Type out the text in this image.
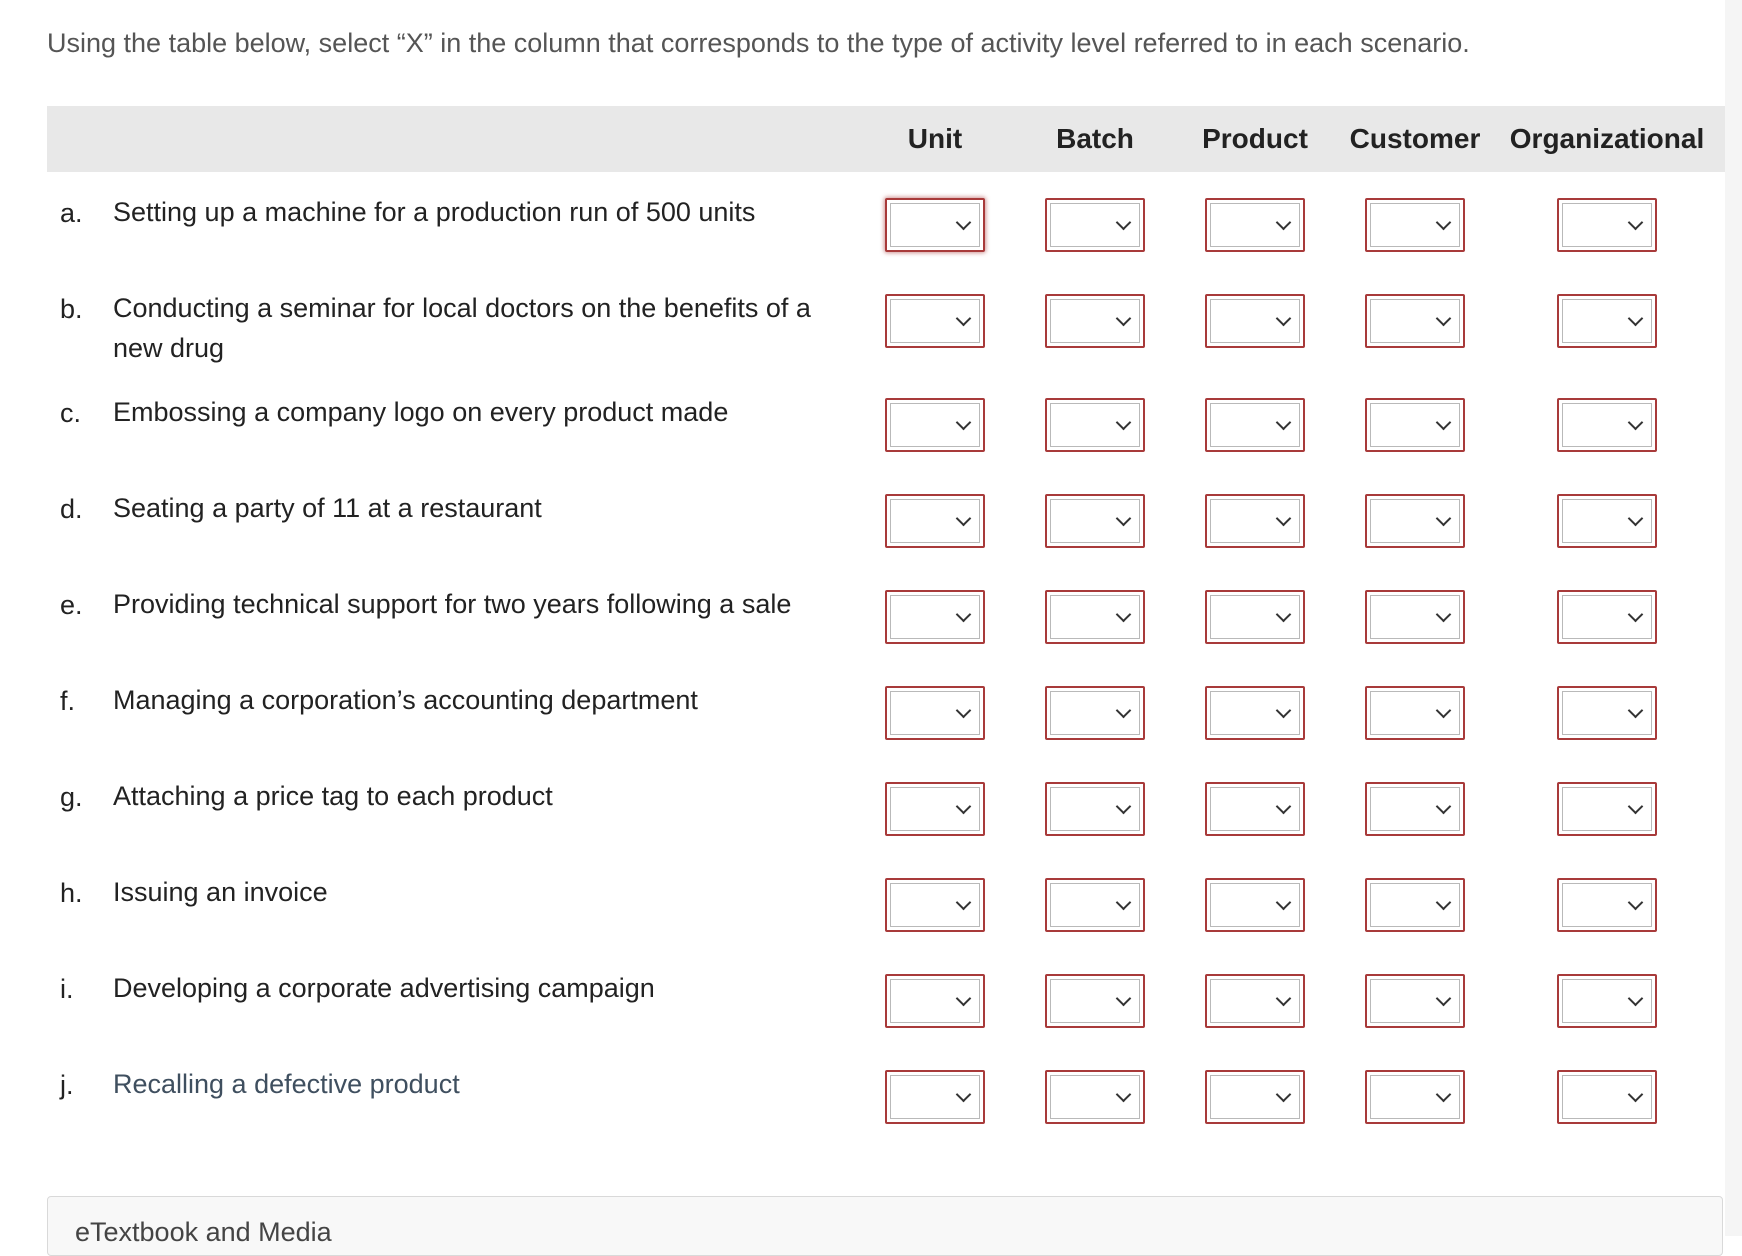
Using the table below, select “X” in the column that corresponds to the type of activity level referred to in each scenario.
Unit	Batch Product Customer Organizational
a. Setting up a machine for a production run of 500 units
b. Conducting a seminar for local doctors on the benefits of a new drug
c. Embossing a company logo on every product made
d. Seating a party of 11 at a restaurant
e. Providing technical support for two years following a sale
f. Managing a corporation’s accounting department
g. Attaching a price tag to each product
h. Issuing an invoice
i. Developing a corporate advertising campaign
j. Recalling a defective product
eTextbook and Media
